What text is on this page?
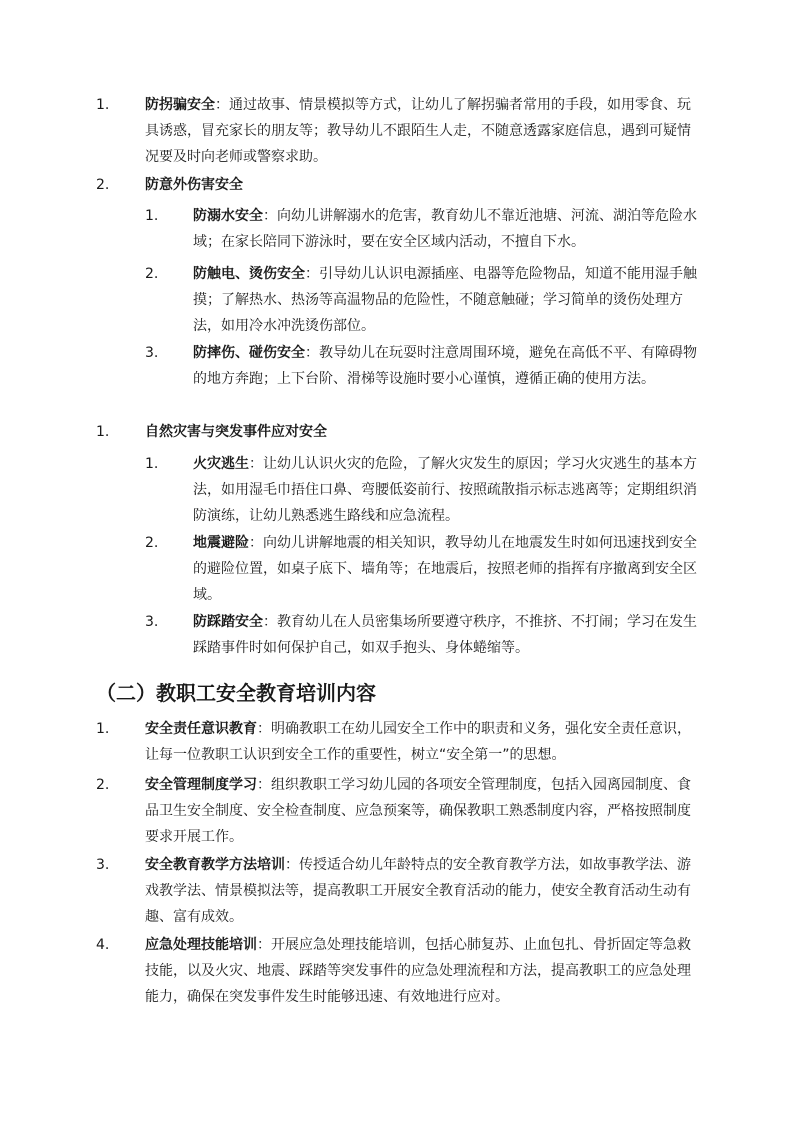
1.	防拐骗安全：通过故事、情景模拟等方式，让幼儿了解拐骗者常用的手段，如用零食、玩具诱惑，冒充家长的朋友等；教导幼儿不跟陌生人走，不随意透露家庭信息，遇到可疑情况要及时向老师或警察求助。
2.	防意外伤害安全
1. 防溺水安全：向幼儿讲解溺水的危害，教育幼儿不靠近池塘、河流、湖泊等危险水域；在家长陪同下游泳时，要在安全区域内活动，不擅自下水。
2. 防触电、烫伤安全：引导幼儿认识电源插座、电器等危险物品，知道不能用湿手触摸；了解热水、热汤等高温物品的危险性，不随意触碰；学习简单的烫伤处理方法，如用冷水冲洗烫伤部位。
3. 防摔伤、碰伤安全：教导幼儿在玩耍时注意周围环境，避免在高低不平、有障碍物的地方奔跑；上下台阶、滑梯等设施时要小心谨慎，遵循正确的使用方法。
1.	自然灾害与突发事件应对安全
1. 火灾逃生：让幼儿认识火灾的危险，了解火灾发生的原因；学习火灾逃生的基本方法，如用湿毛巾捂住口鼻、弯腰低姿前行、按照疏散指示标志逃离等；定期组织消防演练，让幼儿熟悉逃生路线和应急流程。
2. 地震避险：向幼儿讲解地震的相关知识，教导幼儿在地震发生时如何迅速找到安全的避险位置，如桌子底下、墙角等；在地震后，按照老师的指挥有序撤离到安全区域。
3. 防踩踏安全：教育幼儿在人员密集场所要遵守秩序，不推挤、不打闹；学习在发生踩踏事件时如何保护自己，如双手抱头、身体蜷缩等。
（二）教职工安全教育培训内容
1.	安全责任意识教育：明确教职工在幼儿园安全工作中的职责和义务，强化安全责任意识，让每一位教职工认识到安全工作的重要性，树立“安全第一”的思想。
2.	安全管理制度学习：组织教职工学习幼儿园的各项安全管理制度，包括入园离园制度、食品卫生安全制度、安全检查制度、应急预案等，确保教职工熟悉制度内容，严格按照制度要求开展工作。
3.	安全教育教学方法培训：传授适合幼儿年龄特点的安全教育教学方法，如故事教学法、游戏教学法、情景模拟法等，提高教职工开展安全教育活动的能力，使安全教育活动生动有趣、富有成效。
4.	应急处理技能培训：开展应急处理技能培训，包括心肺复苏、止血包扎、骨折固定等急救技能，以及火灾、地震、踩踏等突发事件的应急处理流程和方法，提高教职工的应急处理能力，确保在突发事件发生时能够迅速、有效地进行应对。
